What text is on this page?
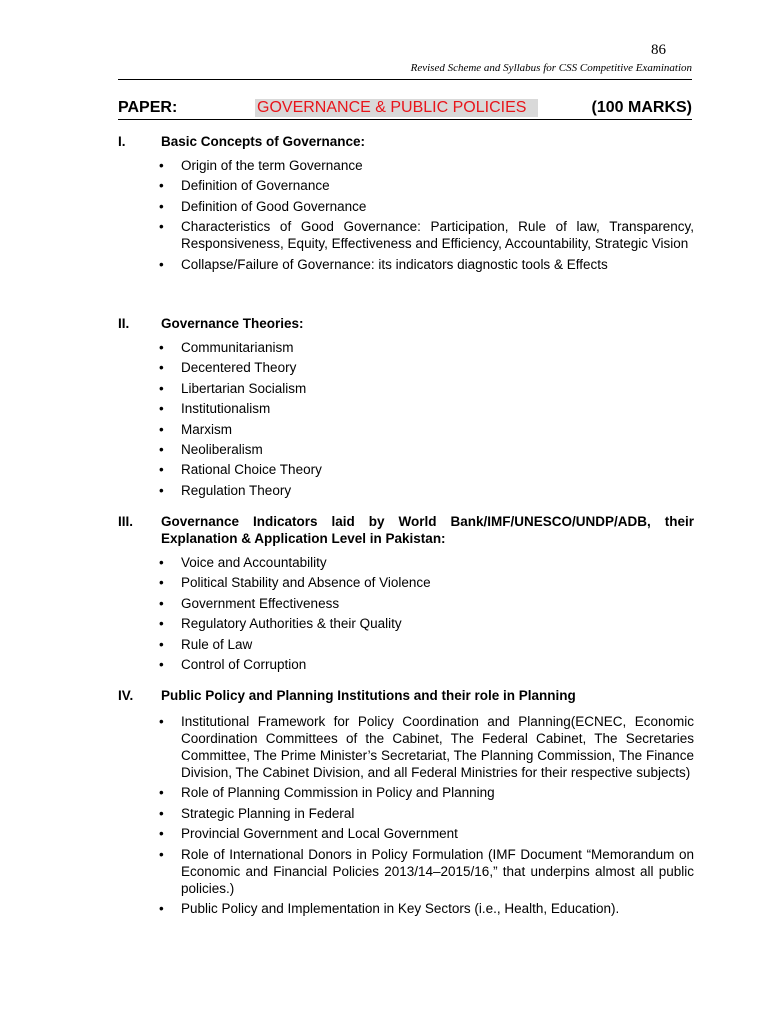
86
Revised Scheme and Syllabus for CSS Competitive Examination
PAPER:	GOVERNANCE & PUBLIC POLICIES	(100 MARKS)
I.	Basic Concepts of Governance:
• Origin of the term Governance
• Definition of Governance
• Definition of Good Governance
• Characteristics of Good Governance: Participation, Rule of law, Transparency, Responsiveness, Equity, Effectiveness and Efficiency, Accountability, Strategic Vision
• Collapse/Failure of Governance: its indicators diagnostic tools & Effects
II.	Governance Theories:
• Communitarianism
• Decentered Theory
• Libertarian Socialism
• Institutionalism
• Marxism
• Neoliberalism
• Rational Choice Theory
• Regulation Theory
III.	Governance Indicators laid by World Bank/IMF/UNESCO/UNDP/ADB, their Explanation & Application Level in Pakistan:
• Voice and Accountability
• Political Stability and Absence of Violence
• Government Effectiveness
• Regulatory Authorities & their Quality
• Rule of Law
• Control of Corruption
IV.	Public Policy and Planning Institutions and their role in Planning
• Institutional Framework for Policy Coordination and Planning(ECNEC, Economic Coordination Committees of the Cabinet, The Federal Cabinet, The Secretaries Committee, The Prime Minister’s Secretariat, The Planning Commission, The Finance Division, The Cabinet Division, and all Federal Ministries for their respective subjects)
• Role of Planning Commission in Policy and Planning
• Strategic Planning in Federal
• Provincial Government and Local Government
• Role of International Donors in Policy Formulation (IMF Document “Memorandum on Economic and Financial Policies 2013/14–2015/16,” that underpins almost all public policies.)
• Public Policy and Implementation in Key Sectors (i.e., Health, Education).
